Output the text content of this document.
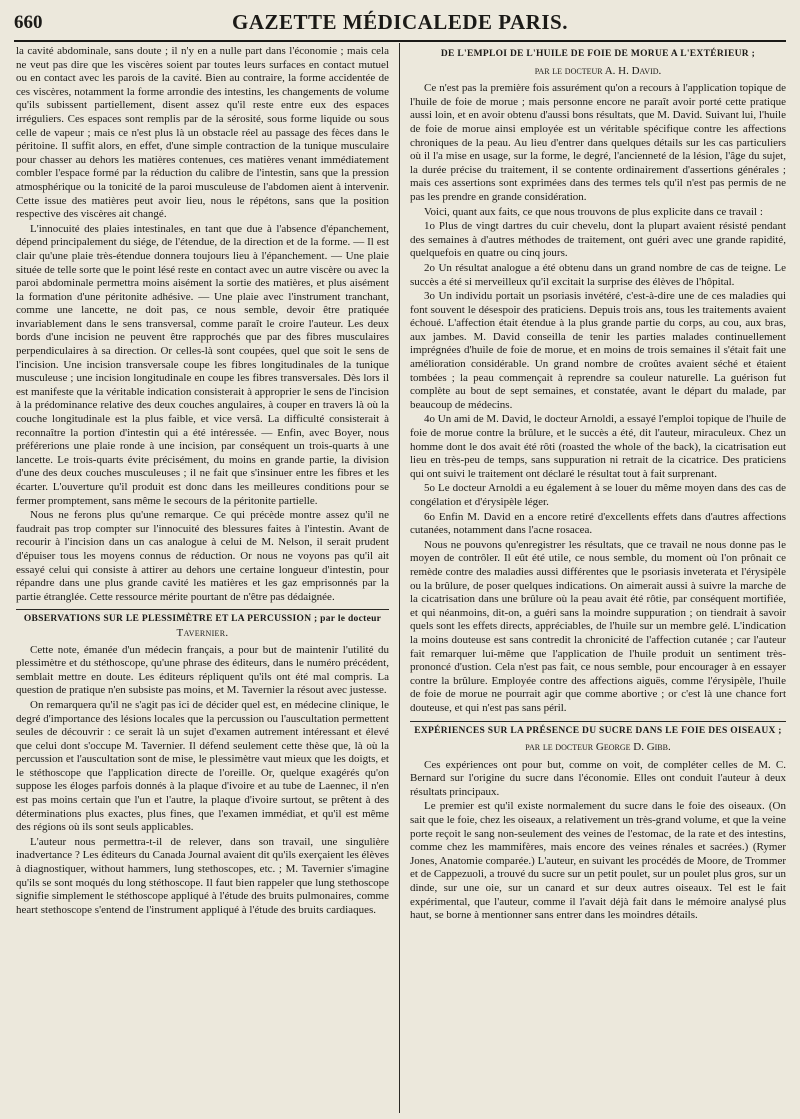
660	GAZETTE MÉDICALEDE PARIS.

la cavité abdominale, sans doute ; il n'y en a nulle part dans l'économie ; mais cela ne veut pas dire que les viscères soient par toutes leurs surfaces en contact mutuel ou en contact avec les parois de la cavité. Bien au contraire, la forme accidentée de ces viscères, notamment la forme arrondie des intestins, les changements de volume qu'ils subissent partiellement, disent assez qu'il reste entre eux des espaces irréguliers. Ces espaces sont remplis par de la sérosité, sous forme liquide ou sous celle de vapeur ; mais ce n'est plus là un obstacle réel au passage des fèces dans le péritoine. Il suffit alors, en effet, d'une simple contraction de la tunique musculaire pour chasser au dehors les matières contenues, ces matières venant immédiatement combler l'espace formé par la réduction du calibre de l'intestin, sans que la pression atmosphérique ou la tonicité de la paroi musculeuse de l'abdomen aient à intervenir. Cette issue des matières peut avoir lieu, nous le répétons, sans que la position respective des viscères ait changé.

L'innocuité des plaies intestinales, en tant que due à l'absence d'épanchement, dépend principalement du siége, de l'étendue, de la direction et de la forme. — Il est clair qu'une plaie très-étendue donnera toujours lieu à l'épanchement. — Une plaie située de telle sorte que le point lésé reste en contact avec un autre viscère ou avec la paroi abdominale permettra moins aisément la sortie des matières, et plus aisément la formation d'une péritonite adhésive. — Une plaie avec l'instrument tranchant, comme une lancette, ne doit pas, ce nous semble, devoir être pratiquée invariablement dans le sens transversal, comme paraît le croire l'auteur. Les deux bords d'une incision ne peuvent être rapprochés que par des fibres musculaires perpendiculaires à sa direction. Or celles-là sont coupées, quel que soit le sens de l'incision. Une incision transversale coupe les fibres longitudinales de la tunique musculeuse ; une incision longitudinale en coupe les fibres transversales. Dès lors il est manifeste que la véritable indication consisterait à approprier le sens de l'incision à la prédominance relative des deux couches angulaires, à couper en travers là où la couche longitudinale est la plus faible, et vice versâ. La difficulté consisterait à reconnaître la portion d'intestin qui a été intéressée. — Enfin, avec Boyer, nous préférerions une plaie ronde à une incision, par conséquent un trois-quarts à une lancette. Le trois-quarts évite précisément, du moins en grande partie, la division d'une des deux couches musculeuses ; il ne fait que s'insinuer entre les fibres et les écarter. L'ouverture qu'il produit est donc dans les meilleures conditions pour se fermer promptement, sans même le secours de la péritonite partielle.

Nous ne ferons plus qu'une remarque. Ce qui précède montre assez qu'il ne faudrait pas trop compter sur l'innocuité des blessures faites à l'intestin. Avant de recourir à l'incision dans un cas analogue à celui de M. Nelson, il serait prudent d'épuiser tous les moyens connus de réduction. Or nous ne voyons pas qu'il ait essayé celui qui consiste à attirer au dehors une certaine longueur d'intestin, pour répandre dans une plus grande cavité les matières et les gaz emprisonnés par la partie étranglée. Cette ressource mérite pourtant de n'être pas dédaignée.

OBSERVATIONS SUR LE PLESSIMÈTRE ET LA PERCUSSION ; par le docteur
Tavernier.

Cette note, émanée d'un médecin français, a pour but de maintenir l'utilité du plessimètre et du stéthoscope, qu'une phrase des éditeurs, dans le numéro précédent, semblait mettre en doute. Les éditeurs répliquent qu'ils ont été mal compris. La question de pratique n'en subsiste pas moins, et M. Tavernier la résout avec justesse.

On remarquera qu'il ne s'agit pas ici de décider quel est, en médecine clinique, le degré d'importance des lésions locales que la percussion ou l'auscultation permettent seules de découvrir : ce serait là un sujet d'examen autrement intéressant et élevé que celui dont s'occupe M. Tavernier. Il défend seulement cette thèse que, là où la percussion et l'auscultation sont de mise, le plessimètre vaut mieux que les doigts, et le stéthoscope que l'application directe de l'oreille. Or, quelque exagérés qu'on suppose les éloges parfois donnés à la plaque d'ivoire et au tube de Laennec, il n'en est pas moins certain que l'un et l'autre, la plaque d'ivoire surtout, se prêtent à des déterminations plus exactes, plus fines, que l'examen immédiat, et qu'il est même des régions où ils sont seuls applicables.

L'auteur nous permettra-t-il de relever, dans son travail, une singulière inadvertance ? Les éditeurs du Canada Journal avaient dit qu'ils exerçaient les élèves à diagnostiquer, without hammers, lung stethoscopes, etc. ; M. Tavernier s'imagine qu'ils se sont moqués du long stéthoscope. Il faut bien rappeler que lung stethoscope signifie simplement le stéthoscope appliqué à l'étude des bruits pulmonaires, comme heart stethoscope s'entend de l'instrument appliqué à l'étude des bruits cardiaques.

DE L'EMPLOI DE L'HUILE DE FOIE DE MORUE A L'EXTÉRIEUR ;
par le docteur A. H. David.

Ce n'est pas la première fois assurément qu'on a recours à l'application topique de l'huile de foie de morue ; mais personne encore ne paraît avoir porté cette pratique aussi loin, et en avoir obtenu d'aussi bons résultats, que M. David. Suivant lui, l'huile de foie de morue ainsi employée est un véritable spécifique contre les affections chroniques de la peau. Au lieu d'entrer dans quelques détails sur les cas particuliers où il l'a mise en usage, sur la forme, le degré, l'ancienneté de la lésion, l'âge du sujet, la durée précise du traitement, il se contente ordinairement d'assertions générales ; mais ces assertions sont exprimées dans des termes tels qu'il n'est pas permis de ne pas les prendre en grande considération.

Voici, quant aux faits, ce que nous trouvons de plus explicite dans ce travail :

1o Plus de vingt dartres du cuir chevelu, dont la plupart avaient résisté pendant des semaines à d'autres méthodes de traitement, ont guéri avec une grande rapidité, quelquefois en quatre ou cinq jours.

2o Un résultat analogue a été obtenu dans un grand nombre de cas de teigne. Le succès a été si merveilleux qu'il excitait la surprise des élèves de l'hôpital.

3o Un individu portait un psoriasis invétéré, c'est-à-dire une de ces maladies qui font souvent le désespoir des praticiens. Depuis trois ans, tous les traitements avaient échoué. L'affection était étendue à la plus grande partie du corps, au cou, aux bras, aux jambes. M. David conseilla de tenir les parties malades continuellement imprégnées d'huile de foie de morue, et en moins de trois semaines il s'était fait une amélioration considérable. Un grand nombre de croûtes avaient séché et étaient tombées ; la peau commençait à reprendre sa couleur naturelle. La guérison fut complète au bout de sept semaines, et constatée, avant le départ du malade, par beaucoup de médecins.

4o Un ami de M. David, le docteur Arnoldi, a essayé l'emploi topique de l'huile de foie de morue contre la brûlure, et le succès a été, dit l'auteur, miraculeux. Chez un homme dont le dos avait été rôti (roasted the whole of the back), la cicatrisation eut lieu en très-peu de temps, sans suppuration ni retrait de la cicatrice. Des praticiens qui ont suivi le traitement ont déclaré le résultat tout à fait surprenant.

5o Le docteur Arnoldi a eu également à se louer du même moyen dans des cas de congélation et d'érysipèle léger.

6o Enfin M. David en a encore retiré d'excellents effets dans d'autres affections cutanées, notamment dans l'acne rosacea.

Nous ne pouvons qu'enregistrer les résultats, que ce travail ne nous donne pas le moyen de contrôler. Il eût été utile, ce nous semble, du moment où l'on prônait ce remède contre des maladies aussi différentes que le psoriasis inveterata et l'érysipèle ou la brûlure, de poser quelques indications. On aimerait aussi à suivre la marche de la cicatrisation dans une brûlure où la peau avait été rôtie, par conséquent mortifiée, et qui néanmoins, dit-on, a guéri sans la moindre suppuration ; on tiendrait à savoir quels sont les effets directs, appréciables, de l'huile sur un membre gelé. L'indication la moins douteuse est sans contredit la chronicité de l'affection cutanée ; car l'auteur fait remarquer lui-même que l'application de l'huile produit un sentiment très-prononcé d'ustion. Cela n'est pas fait, ce nous semble, pour encourager à en essayer contre la brûlure. Employée contre des affections aiguës, comme l'érysipèle, l'huile de foie de morue ne pourrait agir que comme abortive ; or c'est là une chance fort douteuse, et qui n'est pas sans péril.

EXPÉRIENCES SUR LA PRÉSENCE DU SUCRE DANS LE FOIE DES OISEAUX ;
par le docteur George D. Gibb.

Ces expériences ont pour but, comme on voit, de compléter celles de M. C. Bernard sur l'origine du sucre dans l'économie. Elles ont conduit l'auteur à deux résultats principaux.

Le premier est qu'il existe normalement du sucre dans le foie des oiseaux. (On sait que le foie, chez les oiseaux, a relativement un très-grand volume, et que la veine porte reçoit le sang non-seulement des veines de l'estomac, de la rate et des intestins, comme chez les mammifères, mais encore des veines rénales et sacrées.) (Rymer Jones, Anatomie comparée.) L'auteur, en suivant les procédés de Moore, de Trommer et de Cappezuoli, a trouvé du sucre sur un petit poulet, sur un poulet plus gros, sur un dinde, sur une oie, sur un canard et sur deux autres oiseaux. Tel est le fait expérimental, que l'auteur, comme il l'avait déjà fait dans le mémoire analysé plus haut, se borne à mentionner sans entrer dans les moindres détails.
